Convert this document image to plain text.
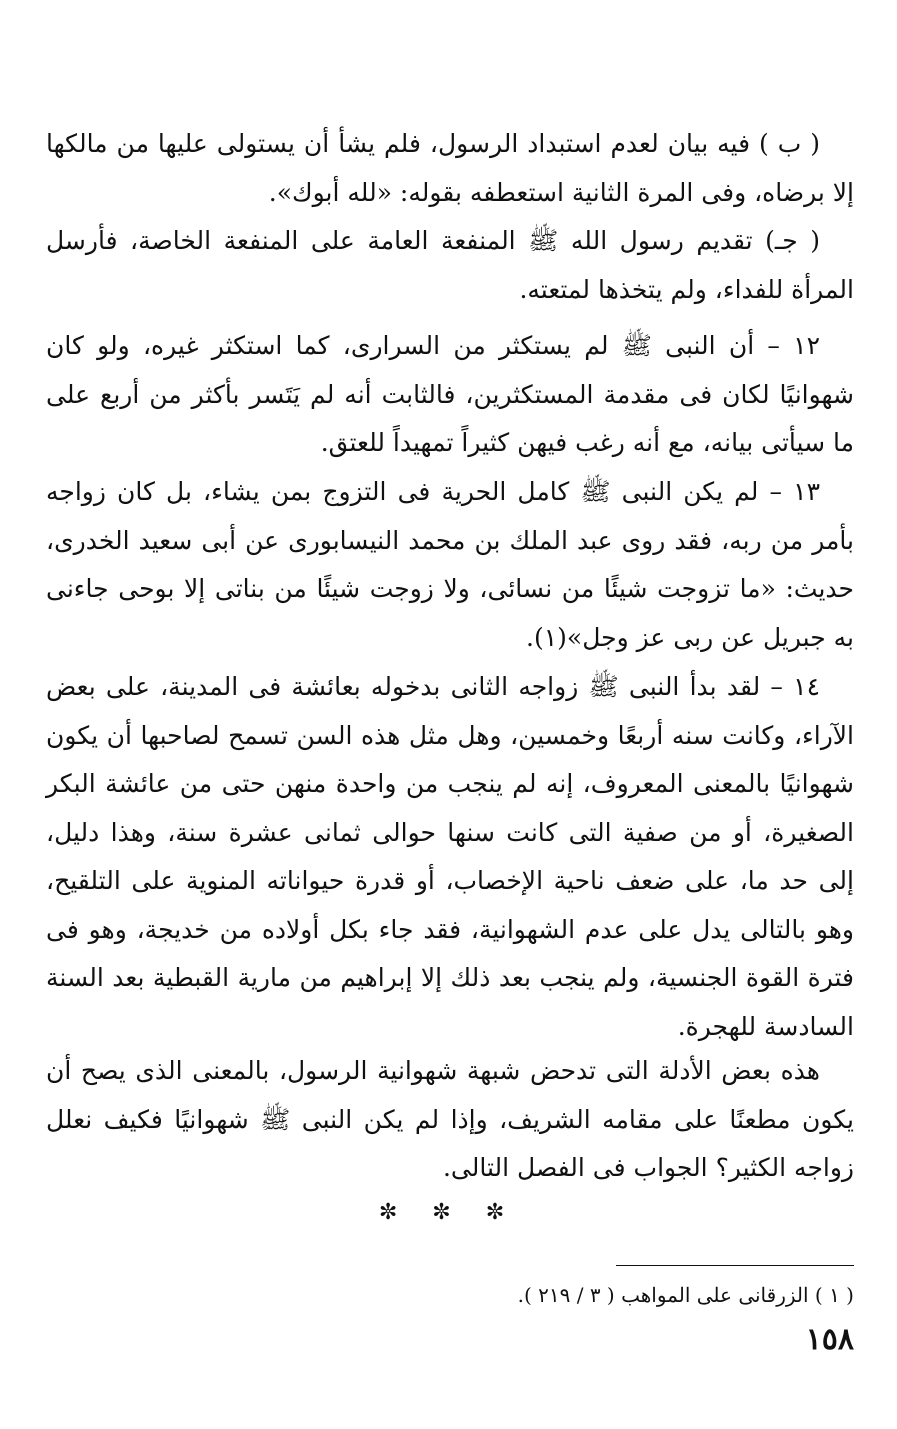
( ب ) فيه بيان لعدم استبداد الرسول، فلم يشأ أن يستولى عليها من مالكها إلا برضاه، وفى المرة الثانية استعطفه بقوله: «لله أبوك».

( جـ) تقديم رسول الله ﷺ المنفعة العامة على المنفعة الخاصة، فأرسل المرأة للفداء، ولم يتخذها لمتعته.

١٢ – أن النبى ﷺ لم يستكثر من السرارى، كما استكثر غيره، ولو كان شهوانيًا لكان فى مقدمة المستكثرين، فالثابت أنه لم يَتَسر بأكثر من أربع على ما سيأتى بيانه، مع أنه رغب فيهن كثيراً تمهيداً للعتق.

١٣ – لم يكن النبى ﷺ كامل الحرية فى التزوج بمن يشاء، بل كان زواجه بأمر من ربه، فقد روى عبد الملك بن محمد النيسابورى عن أبى سعيد الخدرى، حديث: «ما تزوجت شيئًا من نسائى، ولا زوجت شيئًا من بناتى إلا بوحى جاءنى به جبريل عن ربى عز وجل»(١).

١٤ – لقد بدأ النبى ﷺ زواجه الثانى بدخوله بعائشة فى المدينة، على بعض الآراء، وكانت سنه أربعًا وخمسين، وهل مثل هذه السن تسمح لصاحبها أن يكون شهوانيًا بالمعنى المعروف، إنه لم ينجب من واحدة منهن حتى من عائشة البكر الصغيرة، أو من صفية التى كانت سنها حوالى ثمانى عشرة سنة، وهذا دليل، إلى حد ما، على ضعف ناحية الإخصاب، أو قدرة حيواناته المنوية على التلقيح، وهو بالتالى يدل على عدم الشهوانية، فقد جاء بكل أولاده من خديجة، وهو فى فترة القوة الجنسية، ولم ينجب بعد ذلك إلا إبراهيم من مارية القبطية بعد السنة السادسة للهجرة.

هذه بعض الأدلة التى تدحض شبهة شهوانية الرسول، بالمعنى الذى يصح أن يكون مطعنًا على مقامه الشريف، وإذا لم يكن النبى ﷺ شهوانيًا فكيف نعلل زواجه الكثير؟ الجواب فى الفصل التالى.

✼ ✼ ✼

( ١ ) الزرقانى على المواهب ( ٣ / ٢١٩ ).

١٥٨
